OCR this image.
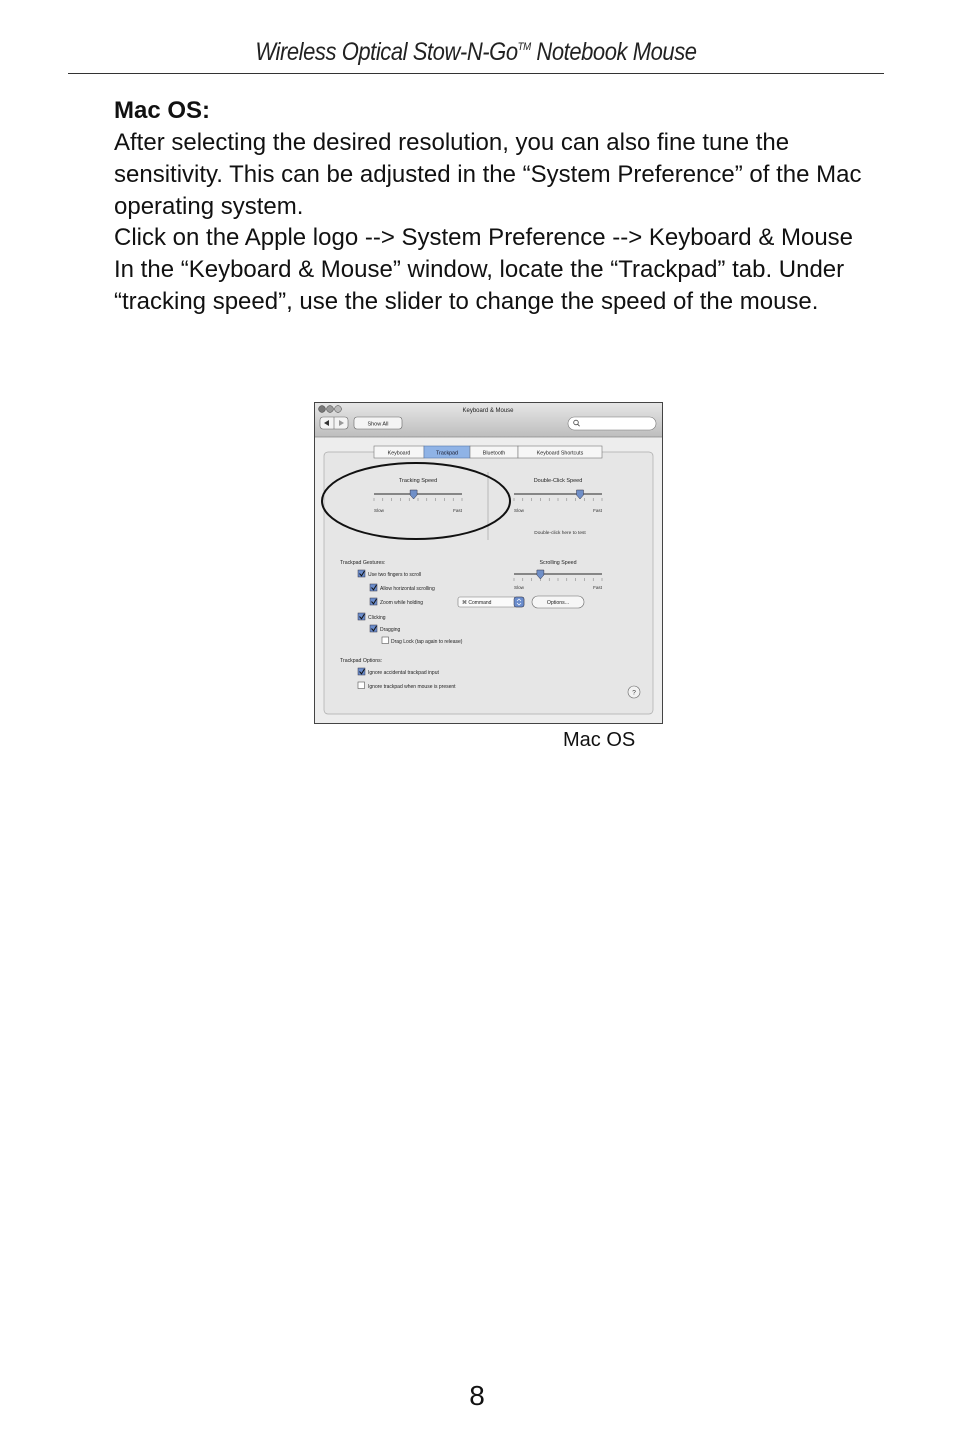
Wireless Optical Stow-N-Go™ Notebook Mouse

Mac OS:

After selecting the desired resolution, you can also fine tune the sensitivity. This can be adjusted in the “System Preference” of the Mac operating system.

Click on the Apple logo --> System Preference --> Keyboard & Mouse

In the “Keyboard & Mouse” window, locate the “Trackpad” tab. Under “tracking speed”, use the slider to change the speed of the mouse.

Keyboard & Mouse
Show All
Keyboard	Trackpad	Bluetooth	Keyboard Shortcuts
Tracking Speed
Slow	Fast
Double-Click Speed
Slow	Fast
Double-click here to test
Trackpad Gestures:
Use two fingers to scroll
Allow horizontal scrolling
Zoom while holding	⌘ Command	Options...
Scrolling Speed
Slow	Fast
Clicking
Dragging
Drag Lock (tap again to release)
Trackpad Options:
Ignore accidental trackpad input
Ignore trackpad when mouse is present
?
Mac OS
8
